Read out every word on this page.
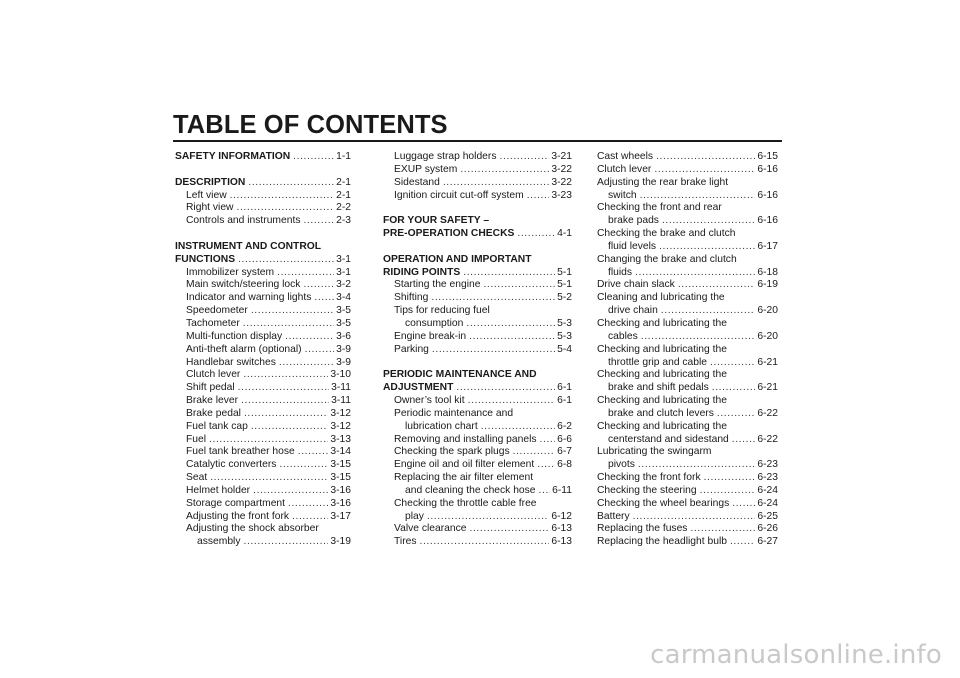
TABLE OF CONTENTS
SAFETY INFORMATION .....	1-1
DESCRIPTION .....	2-1
Left view .....	2-1
Right view .....	2-2
Controls and instruments .....	2-3
INSTRUMENT AND CONTROL
FUNCTIONS .....	3-1
Immobilizer system .....	3-1
Main switch/steering lock .....	3-2
Indicator and warning lights ..... 3-4
Speedometer .....	3-5
Tachometer .....	3-5
Multi-function display .....	3-6
Anti-theft alarm (optional) .....	3-9
Handlebar switches .....	3-9
Clutch lever .....	3-10
Shift pedal .....	3-11
Brake lever .....	3-11
Brake pedal .....	3-12
Fuel tank cap .....	3-12
Fuel .....	3-13
Fuel tank breather hose .....	3-14
Catalytic converters .....	3-15
Seat .....	3-15
Helmet holder .....	3-16
Storage compartment .....	3-16
Adjusting the front fork .....	3-17
Adjusting the shock absorber
assembly .....	3-19
Luggage strap holders .....	3-21
EXUP system .....	3-22
Sidestand .....	3-22
Ignition circuit cut-off system .....	3-23
FOR YOUR SAFETY –
PRE-OPERATION CHECKS .....	4-1
OPERATION AND IMPORTANT
RIDING POINTS .....	5-1
Starting the engine .....	5-1
Shifting .....	5-2
Tips for reducing fuel
consumption .....	5-3
Engine break-in .....	5-3
Parking .....	5-4
PERIODIC MAINTENANCE AND
ADJUSTMENT .....	6-1
Owner’s tool kit .....	6-1
Periodic maintenance and
lubrication chart .....	6-2
Removing and installing panels ..... 6-6
Checking the spark plugs .....	6-7
Engine oil and oil filter element ..... 6-8
Replacing the air filter element
and cleaning the check hose ..... 6-11
Checking the throttle cable free
play .....	6-12
Valve clearance .....	6-13
Tires .....	6-13
Cast wheels .....	6-15
Clutch lever .....	6-16
Adjusting the rear brake light
switch .....	6-16
Checking the front and rear
brake pads .....	6-16
Checking the brake and clutch
fluid levels .....	6-17
Changing the brake and clutch
fluids .....	6-18
Drive chain slack .....	6-19
Cleaning and lubricating the
drive chain .....	6-20
Checking and lubricating the
cables .....	6-20
Checking and lubricating the
throttle grip and cable .....	6-21
Checking and lubricating the
brake and shift pedals .....	6-21
Checking and lubricating the
brake and clutch levers .....	6-22
Checking and lubricating the
centerstand and sidestand .....	6-22
Lubricating the swingarm
pivots .....	6-23
Checking the front fork .....	6-23
Checking the steering .....	6-24
Checking the wheel bearings .....	6-24
Battery .....	6-25
Replacing the fuses .....	6-26
Replacing the headlight bulb .....	6-27
carmanualsonline.info
